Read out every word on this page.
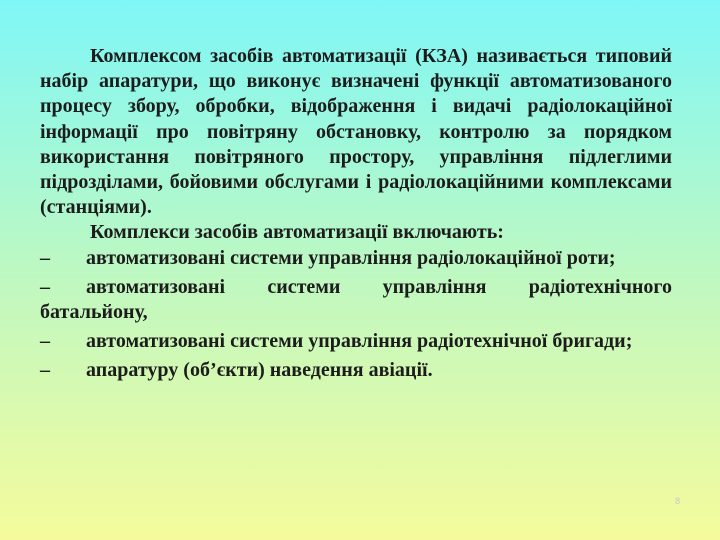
Комплексом засобів автоматизації (КЗА) називається типовий набір апаратури, що виконує визначені функції автоматизованого процесу збору, обробки, відображення і видачі радіолокаційної інформації про повітряну обстановку, контролю за порядком використання повітряного простору, управління підлеглими підрозділами, бойовими обслугами і радіолокаційними комплексами (станціями).

Комплекси засобів автоматизації включають:

– автоматизовані системи управління радіолокаційної роти;
– автоматизовані системи управління радіотехнічного батальйону,
– автоматизовані системи управління радіотехнічної бригади;
– апаратуру (об’єкти) наведення авіації.
8
